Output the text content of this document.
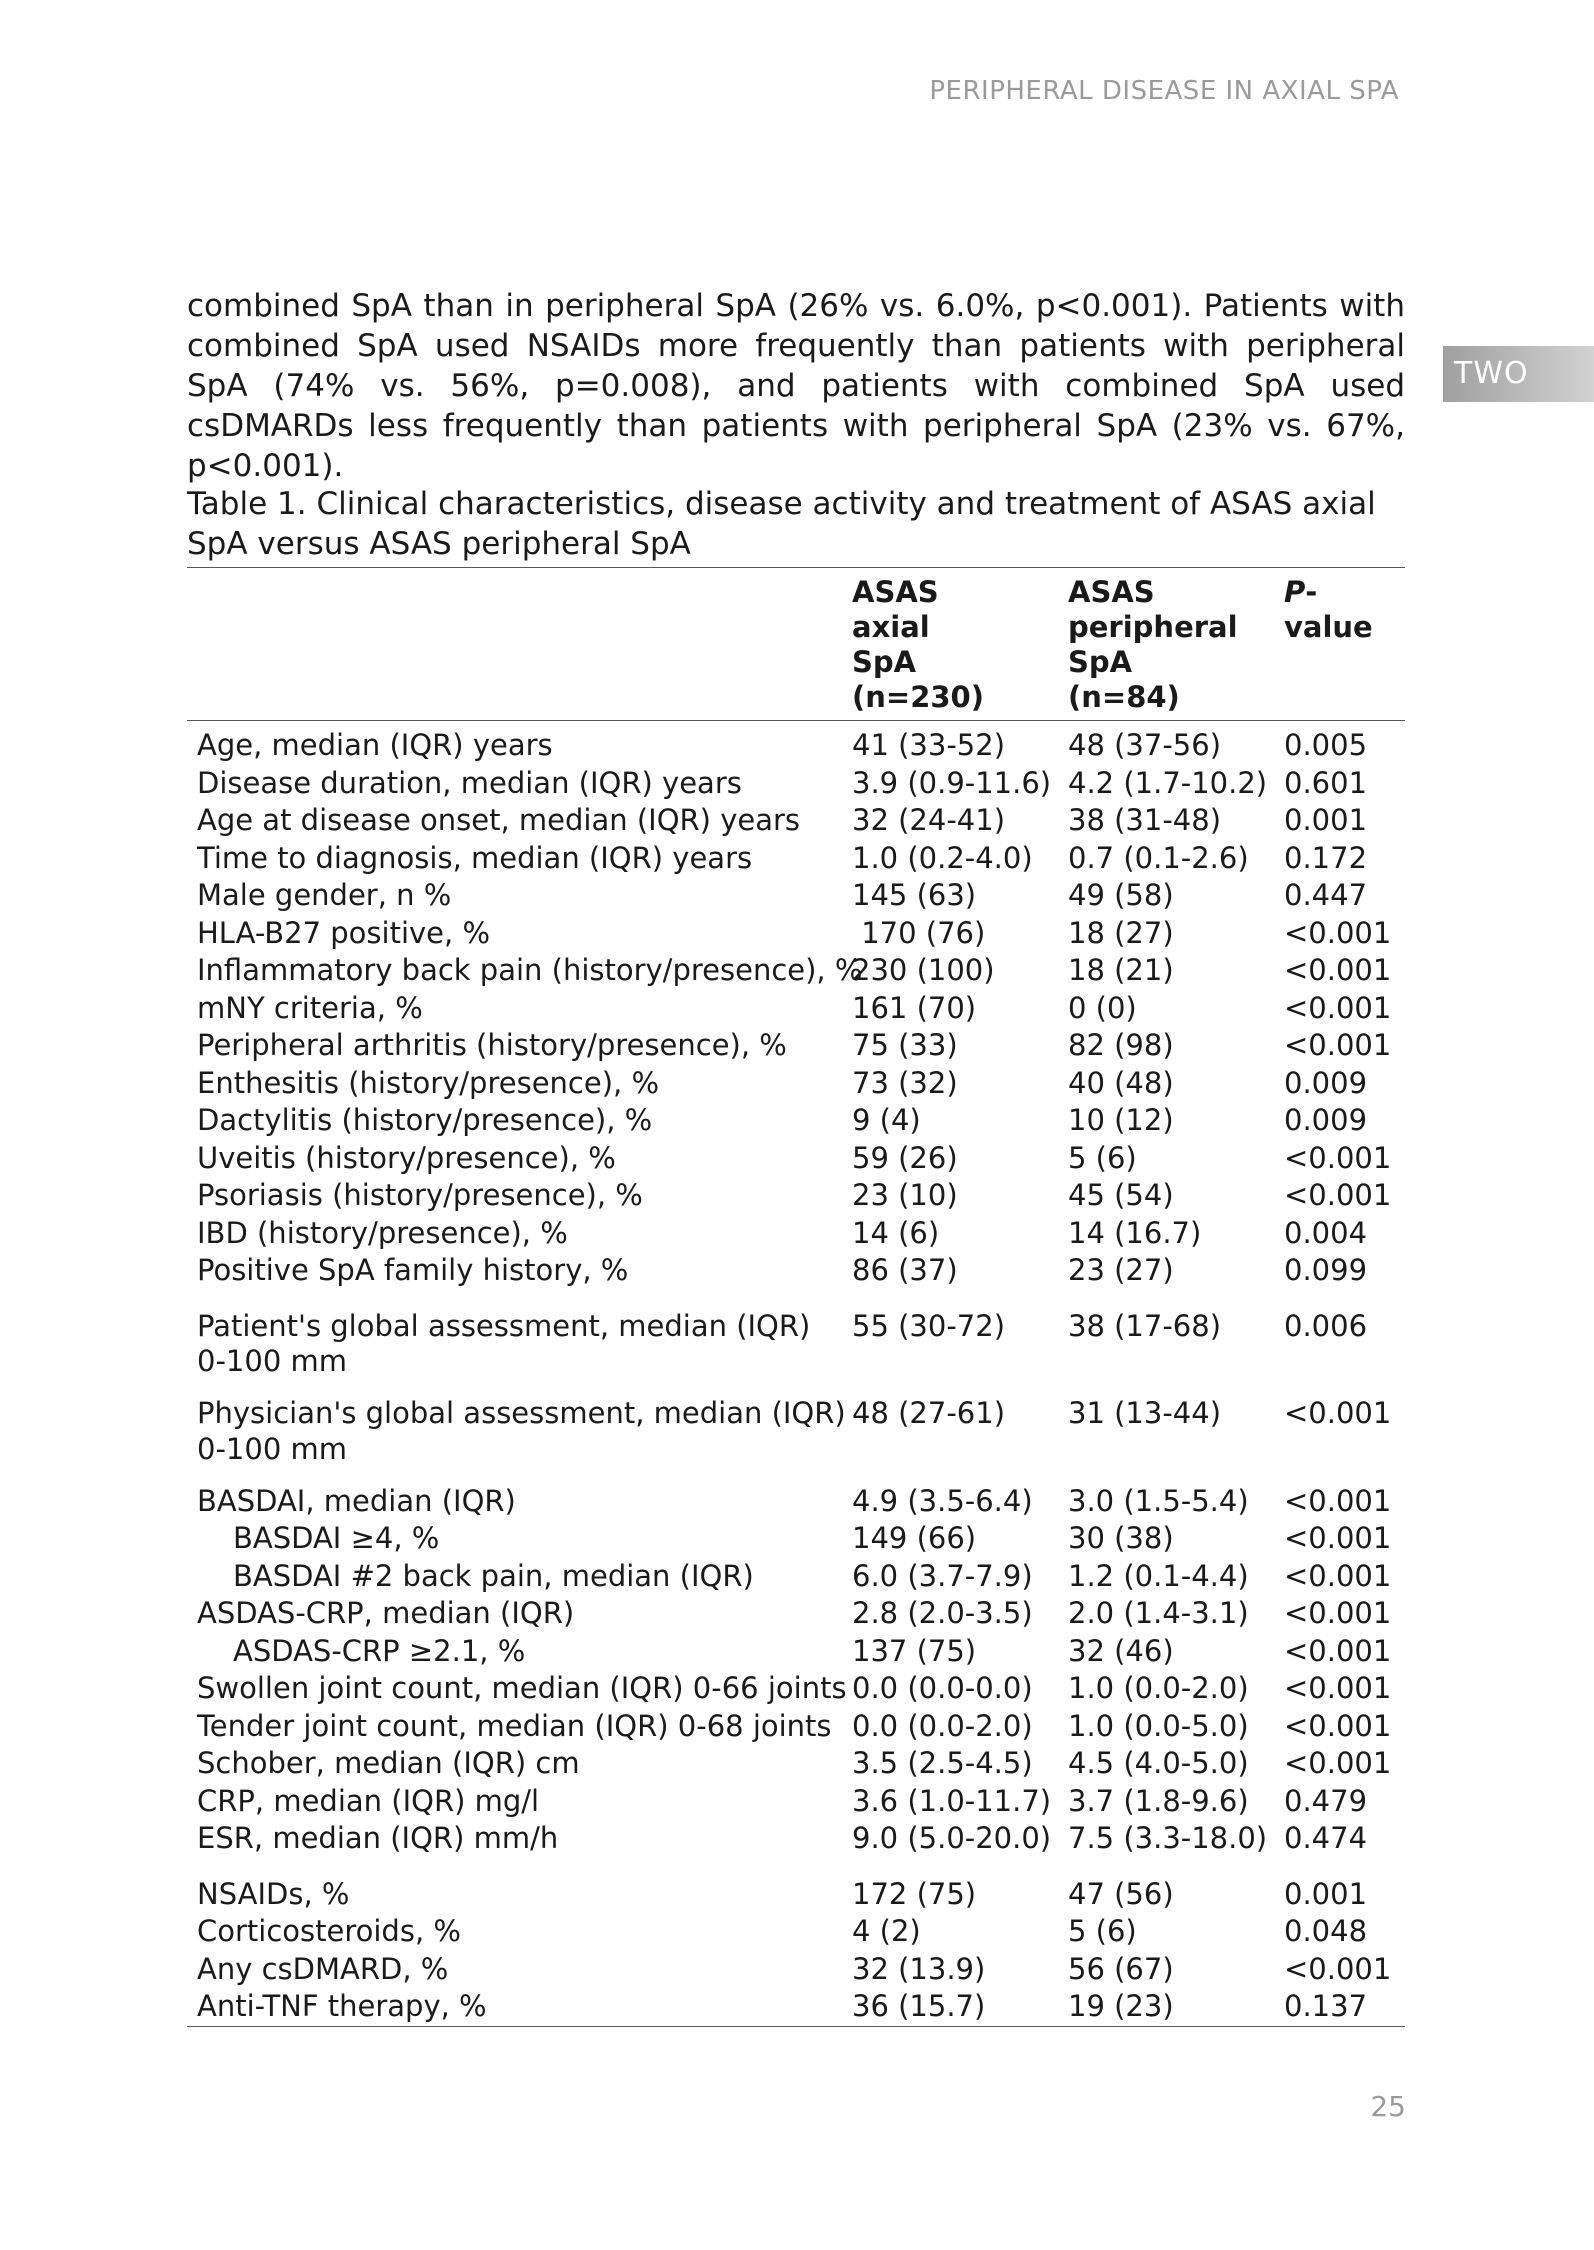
PERIPHERAL DISEASE IN AXIAL SPA
TWO

combined SpA than in peripheral SpA (26% vs. 6.0%, p<0.001). Patients with combined SpA used NSAIDs more frequently than patients with peripheral SpA (74% vs. 56%, p=0.008), and patients with combined SpA used csDMARDs less frequently than patients with peripheral SpA (23% vs. 67%, p<0.001).

Table 1. Clinical characteristics, disease activity and treatment of ASAS axial SpA versus ASAS peripheral SpA

	ASAS
axial
SpA
(n=230)	ASAS
peripheral
SpA
(n=84)	P-value
Age, median (IQR) years	41 (33-52)	48 (37-56)	0.005
Disease duration, median (IQR) years	3.9 (0.9-11.6)	4.2 (1.7-10.2)	0.601
Age at disease onset, median (IQR) years	32 (24-41)	38 (31-48)	0.001
Time to diagnosis, median (IQR) years	1.0 (0.2-4.0)	0.7 (0.1-2.6)	0.172
Male gender, n %	145 (63)	49 (58)	0.447
HLA-B27 positive, %	170 (76)	18 (27)	<0.001
Inflammatory back pain (history/presence), %	230 (100)	18 (21)	<0.001
mNY criteria, %	161 (70)	0 (0)	<0.001
Peripheral arthritis (history/presence), %	75 (33)	82 (98)	<0.001
Enthesitis (history/presence), %	73 (32)	40 (48)	0.009
Dactylitis (history/presence), %	9 (4)	10 (12)	0.009
Uveitis (history/presence), %	59 (26)	5 (6)	<0.001
Psoriasis (history/presence), %	23 (10)	45 (54)	<0.001
IBD (history/presence), %	14 (6)	14 (16.7)	0.004
Positive SpA family history, %	86 (37)	23 (27)	0.099
Patient's global assessment, median (IQR)
0-100 mm	55 (30-72)	38 (17-68)	0.006
Physician's global assessment, median (IQR)
0-100 mm	48 (27-61)	31 (13-44)	<0.001
BASDAI, median (IQR)	4.9 (3.5-6.4)	3.0 (1.5-5.4)	<0.001
BASDAI ≥4, %	149 (66)	30 (38)	<0.001
BASDAI #2 back pain, median (IQR)	6.0 (3.7-7.9)	1.2 (0.1-4.4)	<0.001
ASDAS-CRP, median (IQR)	2.8 (2.0-3.5)	2.0 (1.4-3.1)	<0.001
ASDAS-CRP ≥2.1, %	137 (75)	32 (46)	<0.001
Swollen joint count, median (IQR) 0-66 joints	0.0 (0.0-0.0)	1.0 (0.0-2.0)	<0.001
Tender joint count, median (IQR) 0-68 joints	0.0 (0.0-2.0)	1.0 (0.0-5.0)	<0.001
Schober, median (IQR) cm	3.5 (2.5-4.5)	4.5 (4.0-5.0)	<0.001
CRP, median (IQR) mg/l	3.6 (1.0-11.7)	3.7 (1.8-9.6)	0.479
ESR, median (IQR) mm/h	9.0 (5.0-20.0)	7.5 (3.3-18.0)	0.474
NSAIDs, %	172 (75)	47 (56)	0.001
Corticosteroids, %	4 (2)	5 (6)	0.048
Any csDMARD, %	32 (13.9)	56 (67)	<0.001
Anti-TNF therapy, %	36 (15.7)	19 (23)	0.137
25
